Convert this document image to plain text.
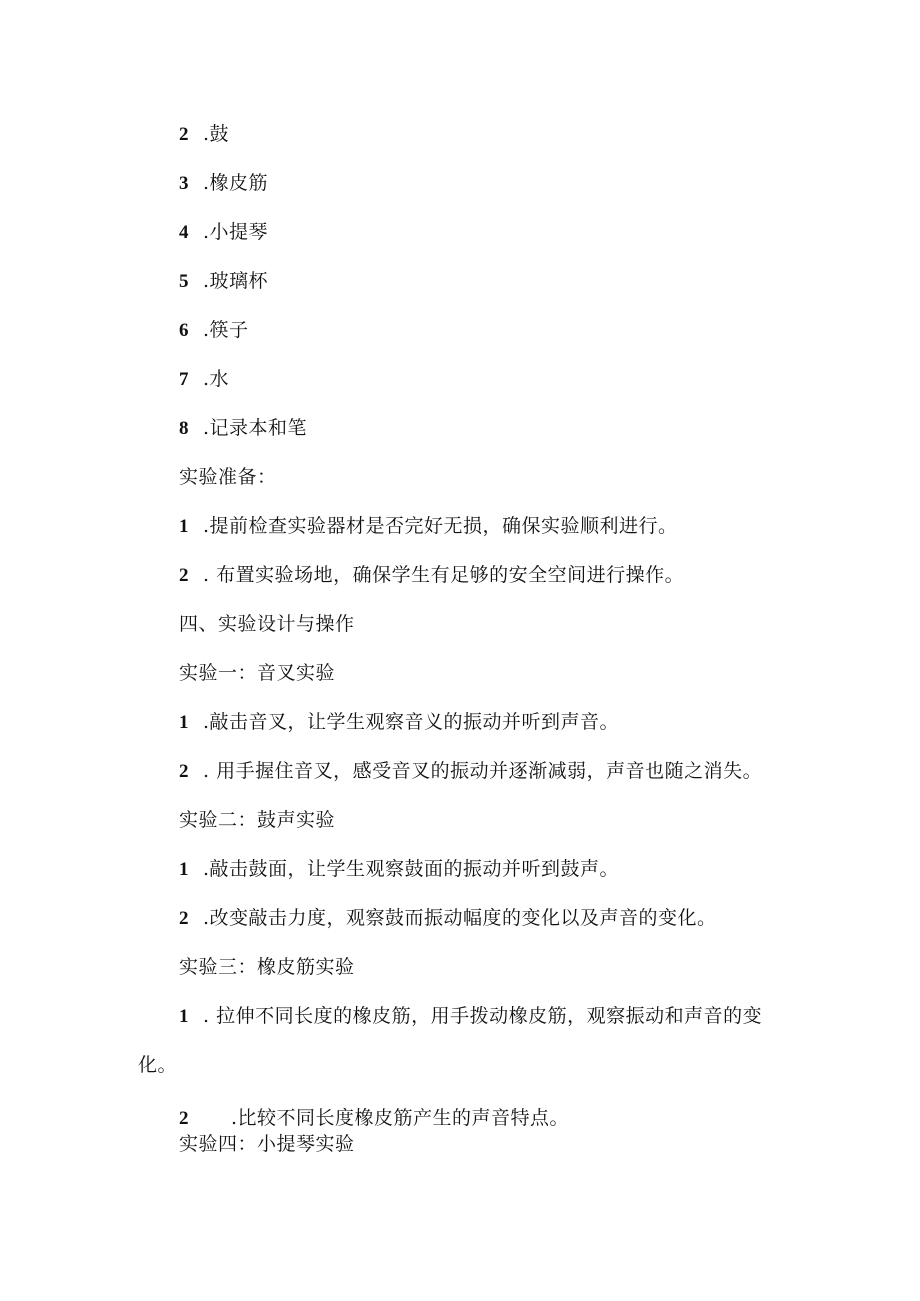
2 .鼓
3 .橡皮筋
4 .小提琴
5 .玻璃杯
6 .筷子
7 .水
8 .记录本和笔
实验准备：
1 .提前检查实验器材是否完好无损，确保实验顺利进行。
2 . 布置实验场地，确保学生有足够的安全空间进行操作。
四、实验设计与操作
实验一：音叉实验
1 .敲击音叉，让学生观察音义的振动并听到声音。
2 . 用手握住音叉，感受音叉的振动并逐渐减弱，声音也随之消失。
实验二：鼓声实验
1 .敲击鼓面，让学生观察鼓面的振动并听到鼓声。
2 .改变敲击力度，观察鼓而振动幅度的变化以及声音的变化。
实验三：橡皮筋实验
1 . 拉伸不同长度的橡皮筋，用手拨动橡皮筋，观察振动和声音的变
化。
2 .比较不同长度橡皮筋产生的声音特点。
实验四：小提琴实验
